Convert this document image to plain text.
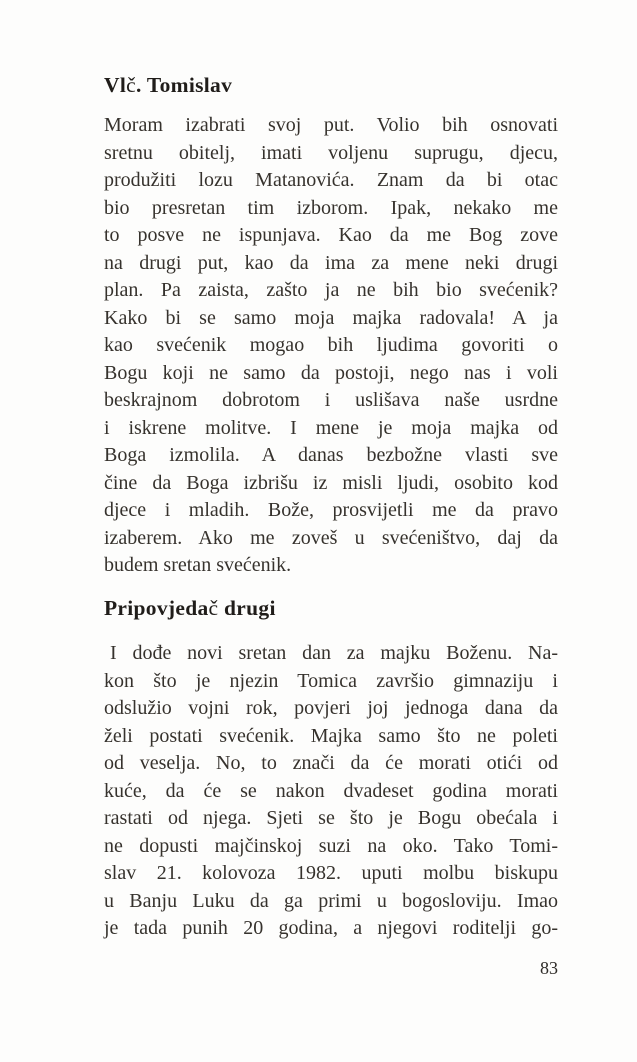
Vlč. Tomislav
Moram izabrati svoj put. Volio bih osnovati
sretnu obitelj, imati voljenu suprugu, djecu,
produžiti lozu Matanovića. Znam da bi otac
bio presretan tim izborom. Ipak, nekako me
to posve ne ispunjava. Kao da me Bog zove
na drugi put, kao da ima za mene neki drugi
plan. Pa zaista, zašto ja ne bih bio svećenik?
Kako bi se samo moja majka radovala! A ja
kao svećenik mogao bih ljudima govoriti o
Bogu koji ne samo da postoji, nego nas i voli
beskrajnom dobrotom i uslišava naše usrdne
i iskrene molitve. I mene je moja majka od
Boga izmolila. A danas bezbožne vlasti sve
čine da Boga izbrišu iz misli ljudi, osobito kod
djece i mladih. Bože, prosvijetli me da pravo
izaberem. Ako me zoveš u svećeništvo, daj da
budem sretan svećenik.
Pripovjedač drugi
I dođe novi sretan dan za majku Boženu. Na-
kon što je njezin Tomica završio gimnaziju i
odslužio vojni rok, povjeri joj jednoga dana da
želi postati svećenik. Majka samo što ne poleti
od veselja. No, to znači da će morati otići od
kuće, da će se nakon dvadeset godina morati
rastati od njega. Sjeti se što je Bogu obećala i
ne dopusti majčinskoj suzi na oko. Tako Tomi-
slav 21. kolovoza 1982. uputi molbu biskupu
u Banju Luku da ga primi u bogosloviju. Imao
je tada punih 20 godina, a njegovi roditelji go-
83
